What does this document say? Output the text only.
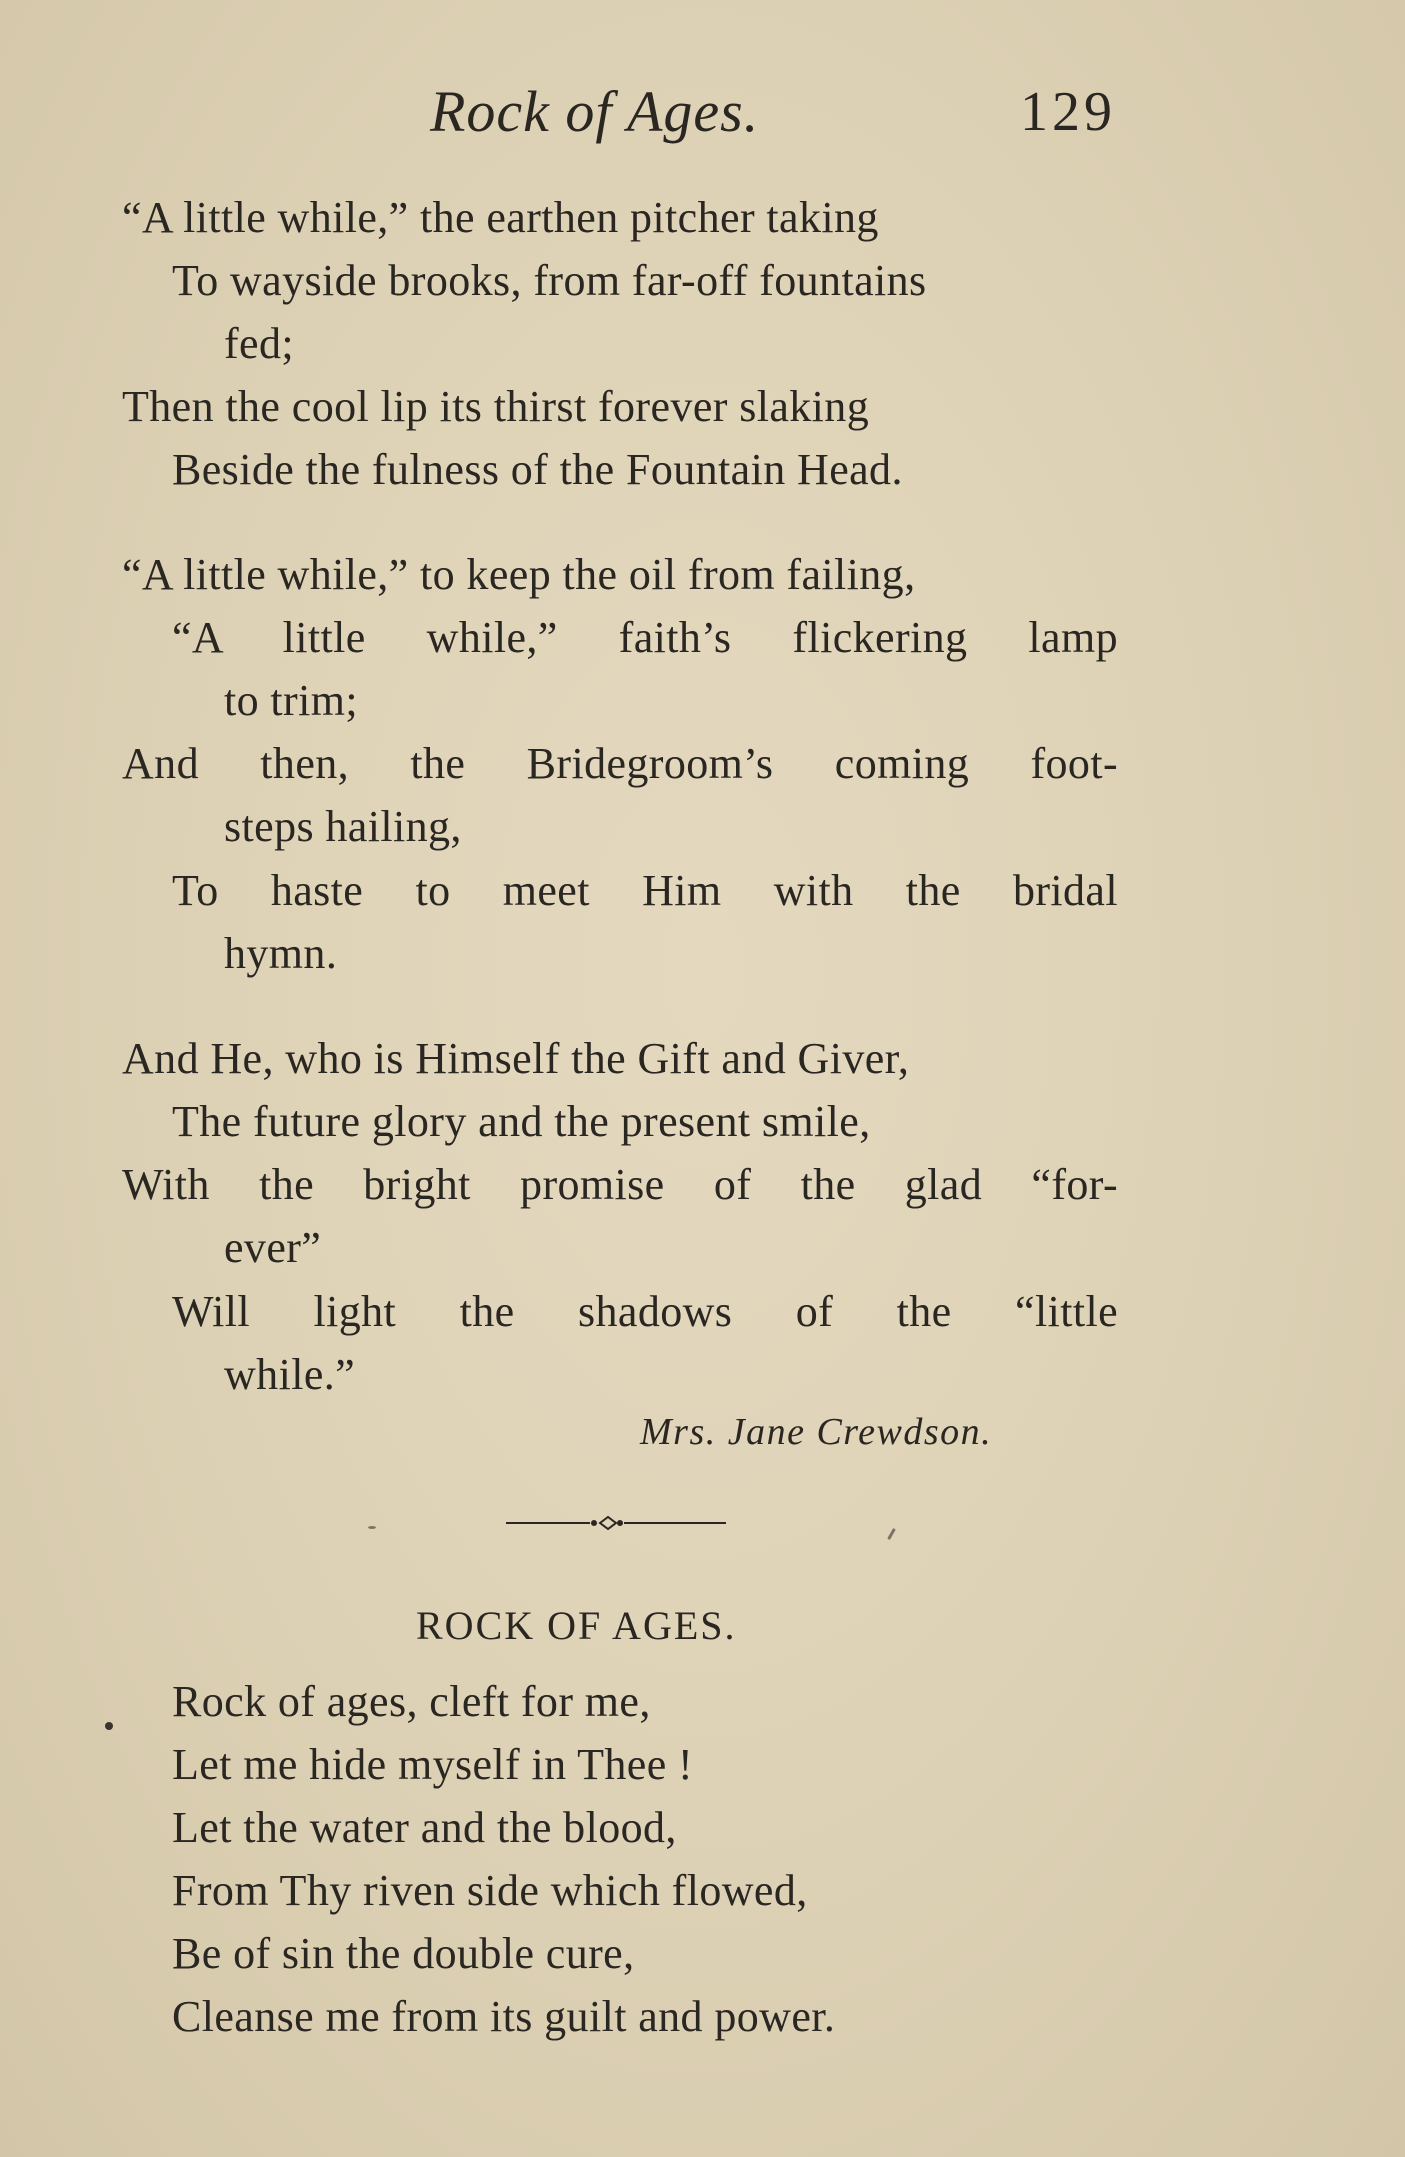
Rock of Ages.	129
“A little while,” the earthen pitcher taking
To wayside brooks, from far-off fountains
fed;
Then the cool lip its thirst forever slaking
Beside the fulness of the Fountain Head.
“A little while,” to keep the oil from failing,
“A little while,” faith’s flickering lamp
to trim;
And then, the Bridegroom’s coming foot-
steps hailing,
To haste to meet Him with the bridal
hymn.
And He, who is Himself the Gift and Giver,
The future glory and the present smile,
With the bright promise of the glad “for-
ever”
Will light the shadows of the “little
while.”
Mrs. Jane Crewdson.
ROCK OF AGES.
Rock of ages, cleft for me,
Let me hide myself in Thee !
Let the water and the blood,
From Thy riven side which flowed,
Be of sin the double cure,
Cleanse me from its guilt and power.
